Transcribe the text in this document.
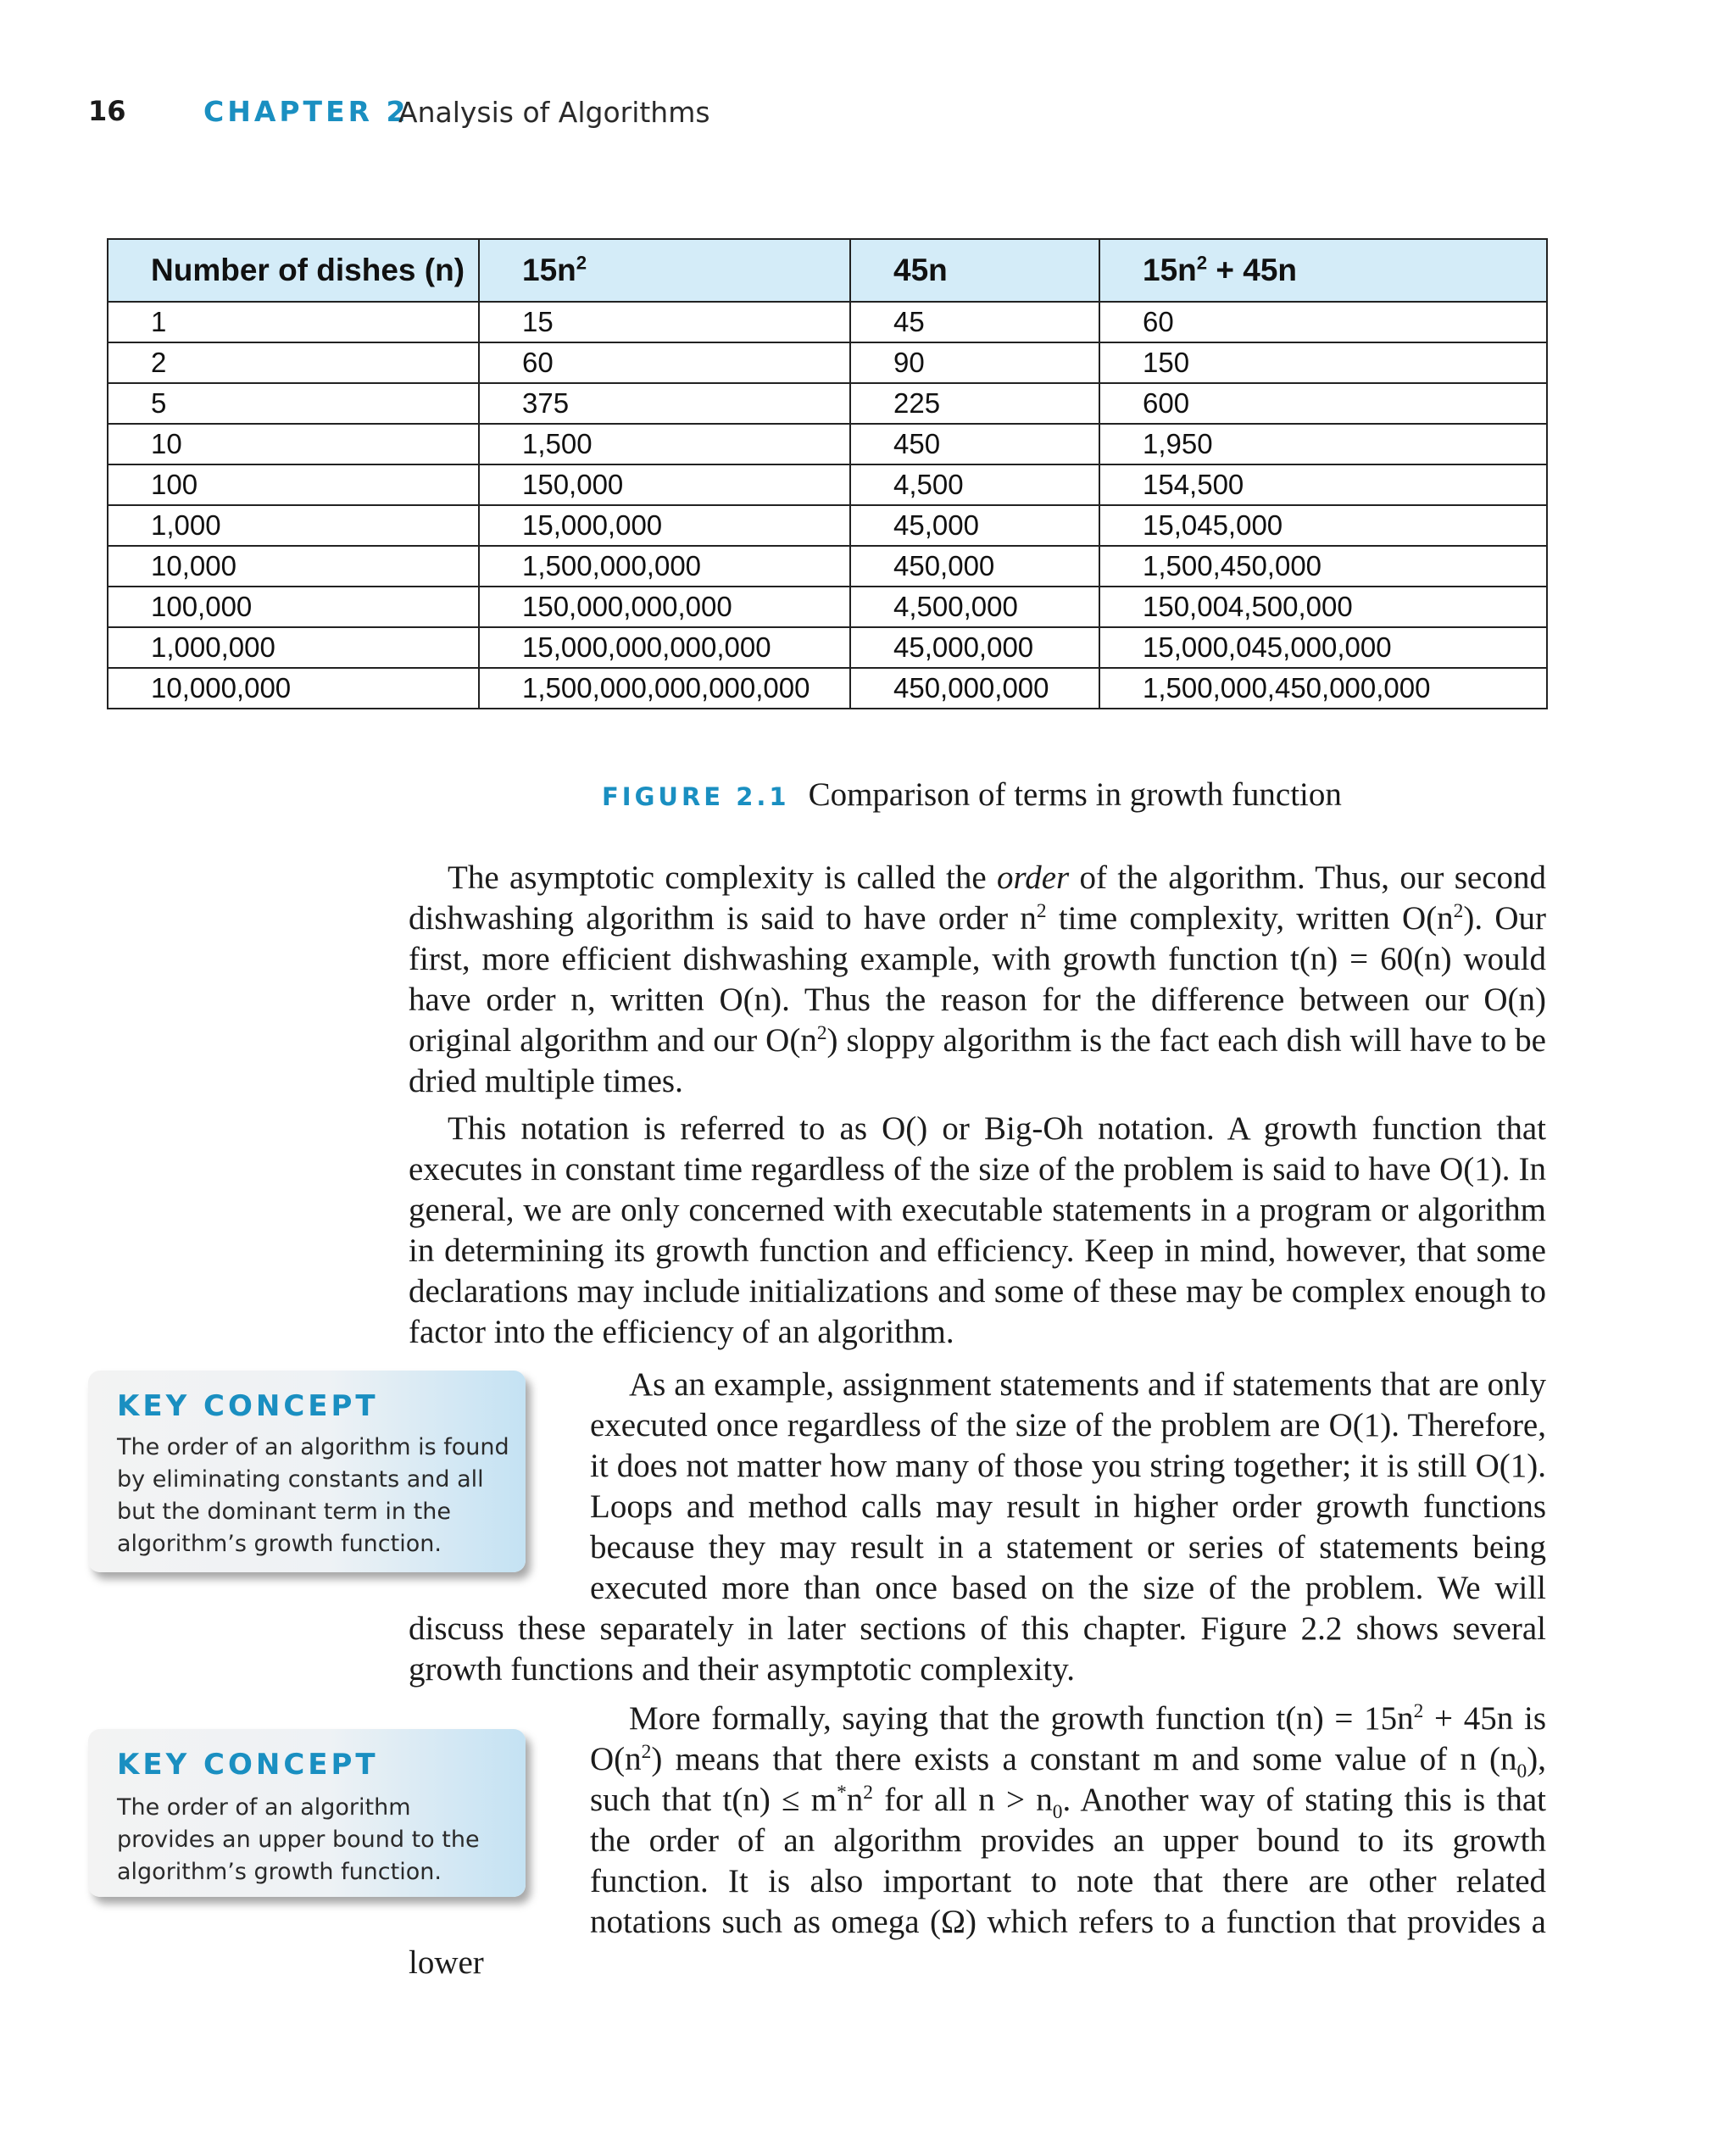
16	CHAPTER 2
Analysis of Algorithms
Number of dishes (n)	$15n^2$	45n	$15n^2 + 45n$
1	15	45	60
2	60	90	150
5	375	225	600
10	1,500	450	1,950
100	150,000	4,500	154,500
1,000	15,000,000	45,000	15,045,000
10,000	1,500,000,000	450,000	1,500,450,000
100,000	150,000,000,000	4,500,000	150,004,500,000
1,000,000	15,000,000,000,000	45,000,000	15,000,045,000,000
10,000,000	1,500,000,000,000,000	450,000,000	1,500,000,450,000,000
FIGURE 2.1 Comparison of terms in growth function
The asymptotic complexity is called the order of the algorithm. Thus, our second dishwashing algorithm is said to have order $n^2$ time complexity, written $O(n^2)$. Our first, more efficient dishwashing example, with growth function t(n) = 60(n) would have order n, written O(n). Thus the reason for the difference between our O(n) original algorithm and our $O(n^2)$ sloppy algorithm is the fact each dish will have to be dried multiple times.
This notation is referred to as O() or Big-Oh notation. A growth function that executes in constant time regardless of the size of the problem is said to have O(1). In general, we are only concerned with executable statements in a program or algorithm in determining its growth function and efficiency. Keep in mind, however, that some declarations may include initializations and some of these may be complex enough to factor into the efficiency of an algorithm.
As an example, assignment statements and if statements that are only executed once regardless of the size of the problem are O(1). Therefore, it does not matter how many of those you string together; it is still O(1). Loops and method calls may result in higher order growth functions because they may result in a statement or series of statements being executed more than once based on the size of the problem. We will discuss these separately in later sections of this chapter. Figure 2.2 shows several growth functions and their asymptotic complexity.
More formally, saying that the growth function $t(n) = 15n^2 + 45n$ is $O(n^2)$ means that there exists a constant m and some value of n $(n_0)$, such that $t(n) \le m^*n^2$ for all $n > n_0$. Another way of stating this is that the order of an algorithm provides an upper bound to its growth function. It is also important to note that there are other related notations such as omega (Ω) which refers to a function that provides a lower
KEY CONCEPT
The order of an algorithm is found by eliminating constants and all but the dominant term in the algorithm’s growth function.
KEY CONCEPT
The order of an algorithm provides an upper bound to the algorithm’s growth function.
